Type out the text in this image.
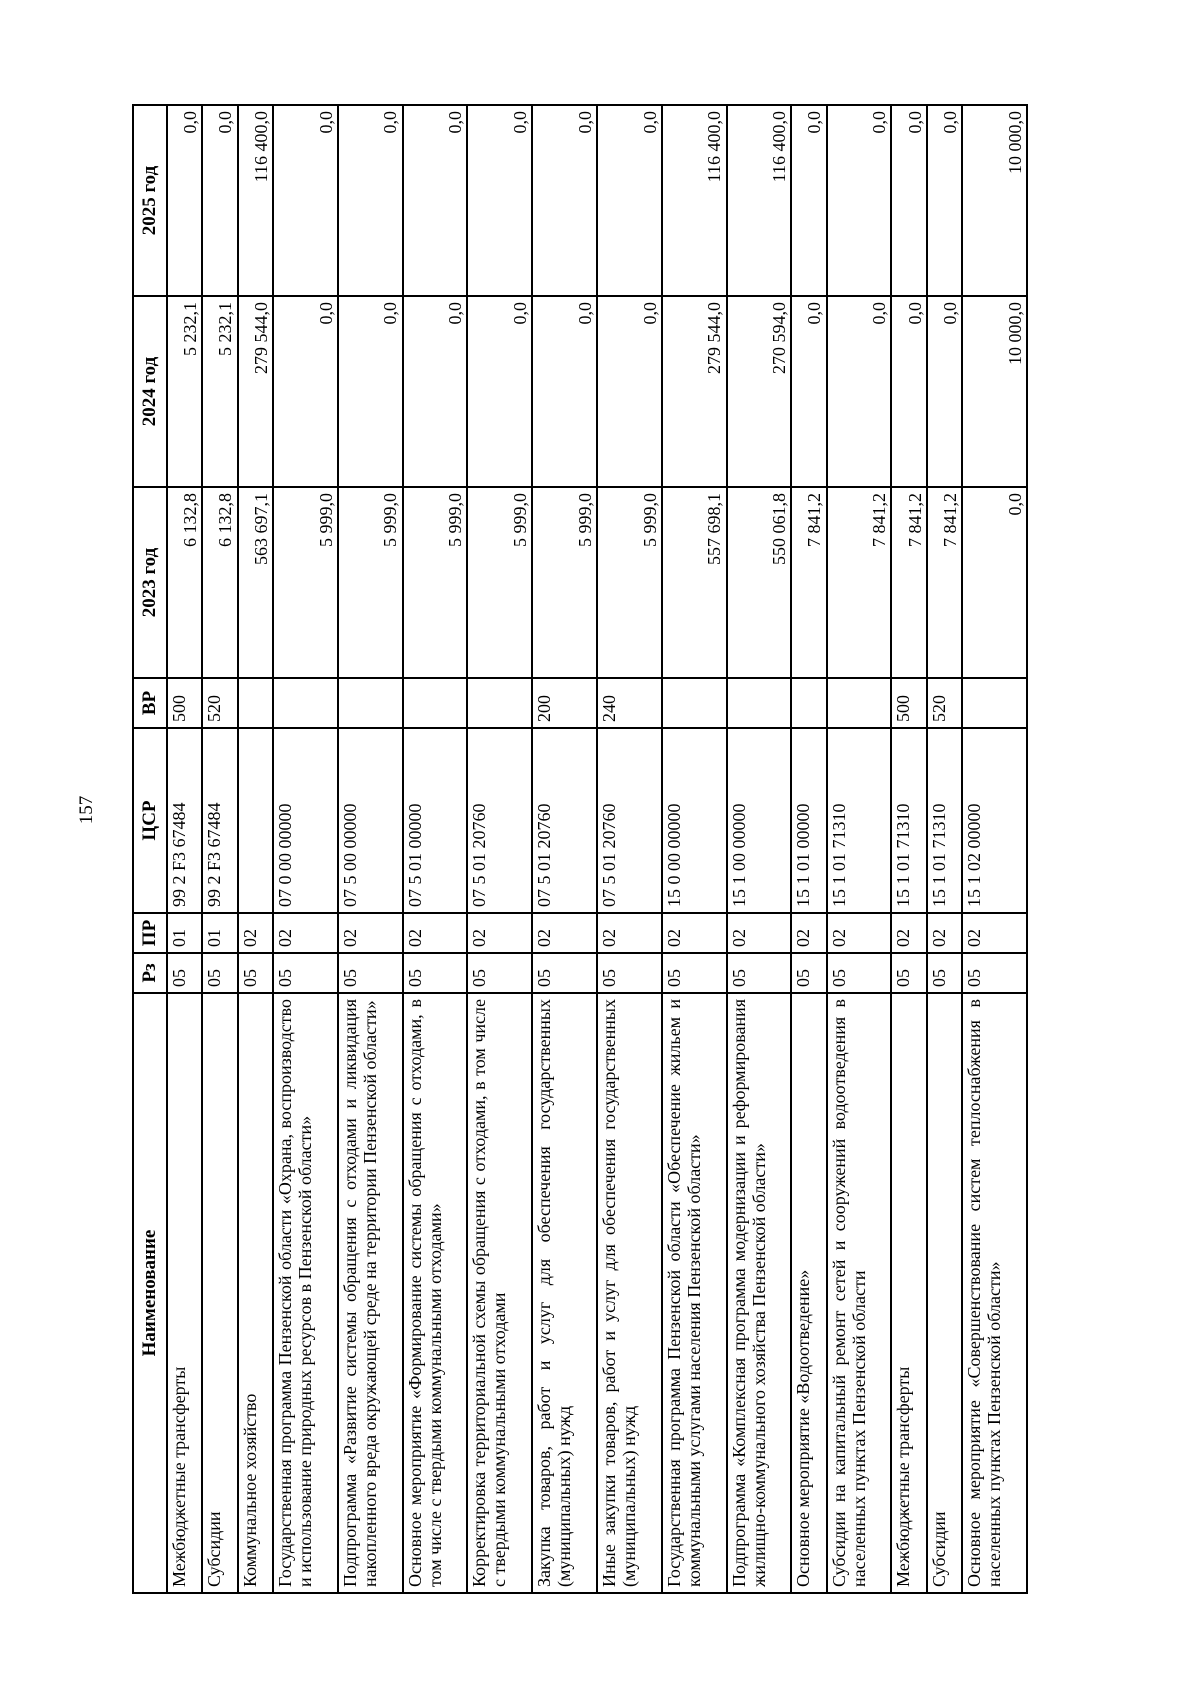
157
Наименование	Рз	ПР	ЦСР	ВР	2023 год	2024 год	2025 год
Межбюджетные трансферты	05	01	99 2 F3 67484	500	6 132,8	5 232,1	0,0
Субсидии	05	01	99 2 F3 67484	520	6 132,8	5 232,1	0,0
Коммунальное хозяйство	05	02			563 697,1	279 544,0	116 400,0
Государственная программа Пензенской области «Охрана, воспроизводство и использование природных ресурсов в Пензенской области»	05	02	07 0 00 00000		5 999,0	0,0	0,0
Подпрограмма «Развитие системы обращения с отходами и ликвидация накопленного вреда окружающей среде на территории Пензенской области»	05	02	07 5 00 00000		5 999,0	0,0	0,0
Основное мероприятие «Формирование системы обращения с отходами, в том числе с твердыми коммунальными отходами»	05	02	07 5 01 00000		5 999,0	0,0	0,0
Корректировка территориальной схемы обращения с отходами, в том числе с твердыми коммунальными отходами	05	02	07 5 01 20760		5 999,0	0,0	0,0
Закупка товаров, работ и услуг для обеспечения государственных (муниципальных) нужд	05	02	07 5 01 20760	200	5 999,0	0,0	0,0
Иные закупки товаров, работ и услуг для обеспечения государственных (муниципальных) нужд	05	02	07 5 01 20760	240	5 999,0	0,0	0,0
Государственная программа Пензенской области «Обеспечение жильем и коммунальными услугами населения Пензенской области»	05	02	15 0 00 00000		557 698,1	279 544,0	116 400,0
Подпрограмма «Комплексная программа модернизации и реформирования жилищно-коммунального хозяйства Пензенской области»	05	02	15 1 00 00000		550 061,8	270 594,0	116 400,0
Основное мероприятие «Водоотведение»	05	02	15 1 01 00000		7 841,2	0,0	0,0
Субсидии на капитальный ремонт сетей и сооружений водоотведения в населенных пунктах Пензенской области	05	02	15 1 01 71310		7 841,2	0,0	0,0
Межбюджетные трансферты	05	02	15 1 01 71310	500	7 841,2	0,0	0,0
Субсидии	05	02	15 1 01 71310	520	7 841,2	0,0	0,0
Основное мероприятие «Совершенствование систем теплоснабжения в населенных пунктах Пензенской области»	05	02	15 1 02 00000		0,0	10 000,0	10 000,0
